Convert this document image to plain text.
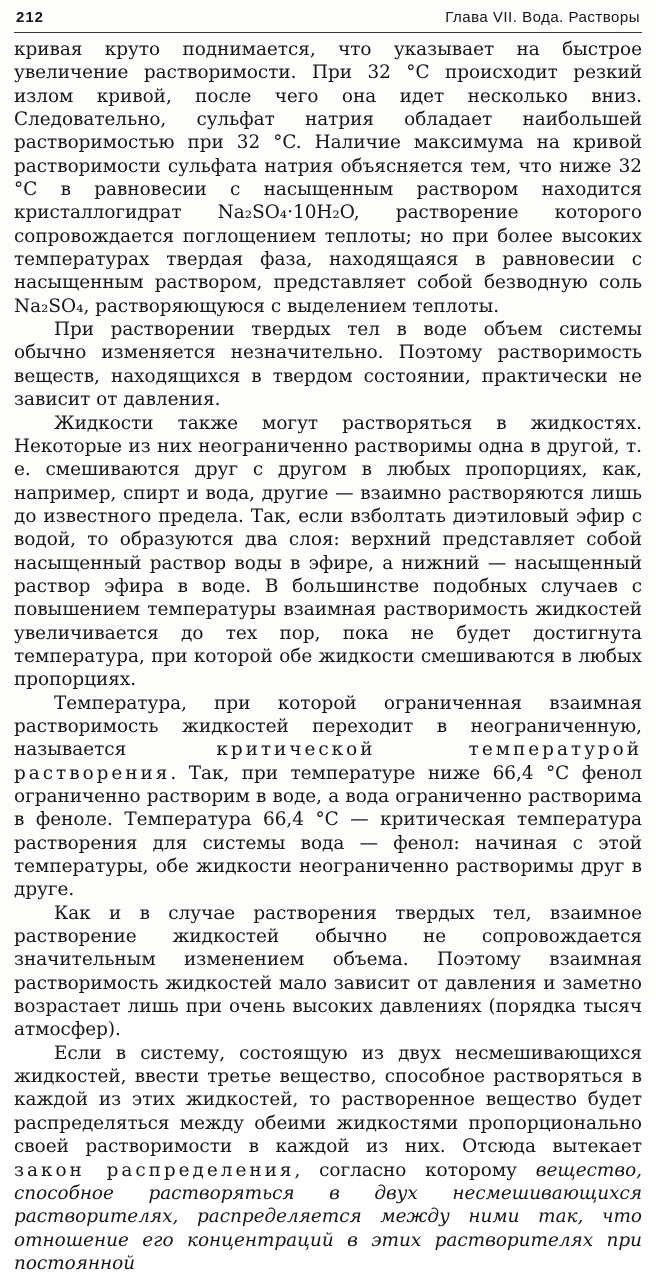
212	Глава VII. Вода. Растворы

кривая круто поднимается, что указывает на быстрое увеличение растворимости. При 32 °C происходит резкий излом кривой, после чего она идет несколько вниз. Следовательно, сульфат натрия обладает наибольшей растворимостью при 32 °C. Наличие максимума на кривой растворимости сульфата натрия объясняется тем, что ниже 32 °C в равновесии с насыщенным раствором находится кристаллогидрат Na₂SO₄·10H₂O, растворение которого сопровождается поглощением теплоты; но при более высоких температурах твердая фаза, находящаяся в равновесии с насыщенным раствором, представляет собой безводную соль Na₂SO₄, растворяющуюся с выделением теплоты.

При растворении твердых тел в воде объем системы обычно изменяется незначительно. Поэтому растворимость веществ, находящихся в твердом состоянии, практически не зависит от давления.

Жидкости также могут растворяться в жидкостях. Некоторые из них неограниченно растворимы одна в другой, т. е. смешиваются друг с другом в любых пропорциях, как, например, спирт и вода, другие — взаимно растворяются лишь до известного предела. Так, если взболтать диэтиловый эфир с водой, то образуются два слоя: верхний представляет собой насыщенный раствор воды в эфире, а нижний — насыщенный раствор эфира в воде. В большинстве подобных случаев с повышением температуры взаимная растворимость жидкостей увеличивается до тех пор, пока не будет достигнута температура, при которой обе жидкости смешиваются в любых пропорциях.

Температура, при которой ограниченная взаимная растворимость жидкостей переходит в неограниченную, называется критической температурой растворения. Так, при температуре ниже 66,4 °C фенол ограниченно растворим в воде, а вода ограниченно растворима в феноле. Температура 66,4 °C — критическая температура растворения для системы вода — фенол: начиная с этой температуры, обе жидкости неограниченно растворимы друг в друге.

Как и в случае растворения твердых тел, взаимное растворение жидкостей обычно не сопровождается значительным изменением объема. Поэтому взаимная растворимость жидкостей мало зависит от давления и заметно возрастает лишь при очень высоких давлениях (порядка тысяч атмосфер).

Если в систему, состоящую из двух несмешивающихся жидкостей, ввести третье вещество, способное растворяться в каждой из этих жидкостей, то растворенное вещество будет распределяться между обеими жидкостями пропорционально своей растворимости в каждой из них. Отсюда вытекает закон распределения, согласно которому вещество, способное растворяться в двух несмешивающихся растворителях, распределяется между ними так, что отношение его концентраций в этих растворителях при постоянной
